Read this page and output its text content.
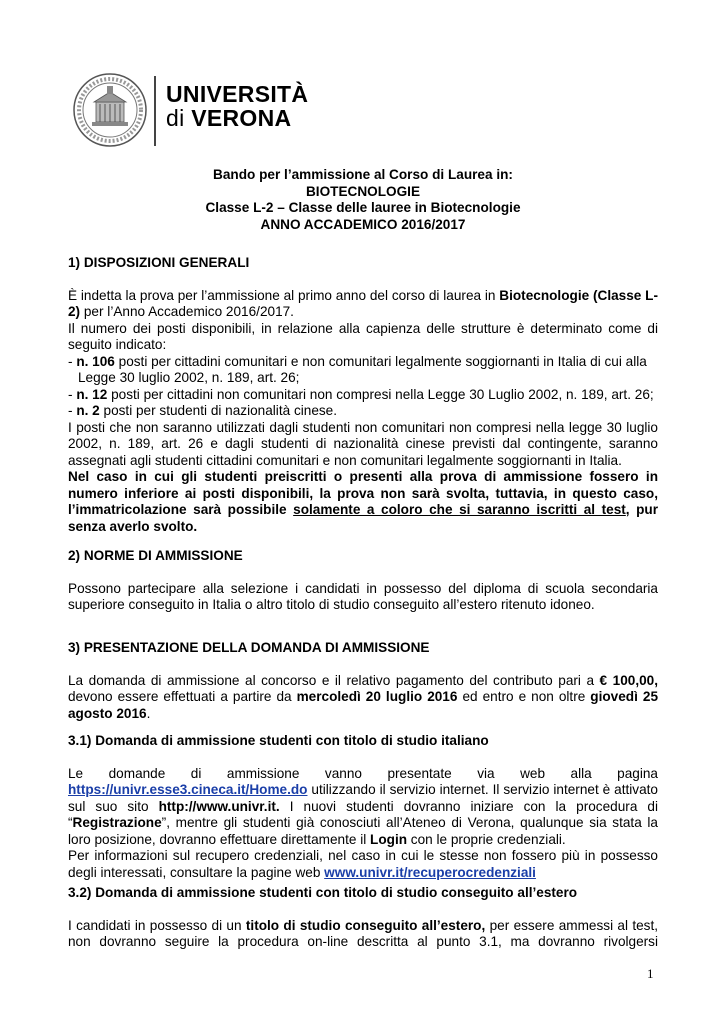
UNIVERSITÀ
di VERONA
Bando per l’ammissione al Corso di Laurea in:
BIOTECNOLOGIE
Classe L-2 – Classe delle lauree in Biotecnologie
ANNO ACCADEMICO 2016/2017

1) DISPOSIZIONI GENERALI

È indetta la prova per l’ammissione al primo anno del corso di laurea in Biotecnologie (Classe L-2) per l’Anno Accademico 2016/2017.

Il numero dei posti disponibili, in relazione alla capienza delle strutture è determinato come di seguito indicato:

- n. 106 posti per cittadini comunitari e non comunitari legalmente soggiornanti in Italia di cui alla

Legge 30 luglio 2002, n. 189, art. 26;

- n. 12 posti per cittadini non comunitari non compresi nella Legge 30 Luglio 2002, n. 189, art. 26;

- n. 2 posti per studenti di nazionalità cinese.

I posti che non saranno utilizzati dagli studenti non comunitari non compresi nella legge 30 luglio 2002, n. 189, art. 26 e dagli studenti di nazionalità cinese previsti dal contingente, saranno assegnati agli studenti cittadini comunitari e non comunitari legalmente soggiornanti in Italia.

Nel caso in cui gli studenti preiscritti o presenti alla prova di ammissione fossero in numero inferiore ai posti disponibili, la prova non sarà svolta, tuttavia, in questo caso, l’immatricolazione sarà possibile solamente a coloro che si saranno iscritti al test, pur senza averlo svolto.

2) NORME DI AMMISSIONE

Possono partecipare alla selezione i candidati in possesso del diploma di scuola secondaria superiore conseguito in Italia o altro titolo di studio conseguito all’estero ritenuto idoneo.

3) PRESENTAZIONE DELLA DOMANDA DI AMMISSIONE

La domanda di ammissione al concorso e il relativo pagamento del contributo pari a € 100,00, devono essere effettuati a partire da mercoledì 20 luglio 2016 ed entro e non oltre giovedì 25 agosto 2016.

3.1) Domanda di ammissione studenti con titolo di studio italiano

Le domande di ammissione vanno presentate via web alla pagina https://univr.esse3.cineca.it/Home.do utilizzando il servizio internet. Il servizio internet è attivato sul suo sito http://www.univr.it. I nuovi studenti dovranno iniziare con la procedura di “Registrazione”, mentre gli studenti già conosciuti all’Ateneo di Verona, qualunque sia stata la loro posizione, dovranno effettuare direttamente il Login con le proprie credenziali.

Per informazioni sul recupero credenziali, nel caso in cui le stesse non fossero più in possesso degli interessati, consultare la pagine web www.univr.it/recuperocredenziali

3.2) Domanda di ammissione studenti con titolo di studio conseguito all’estero

I candidati in possesso di un titolo di studio conseguito all’estero, per essere ammessi al test, non dovranno seguire la procedura on-line descritta al punto 3.1, ma dovranno rivolgersi

1
